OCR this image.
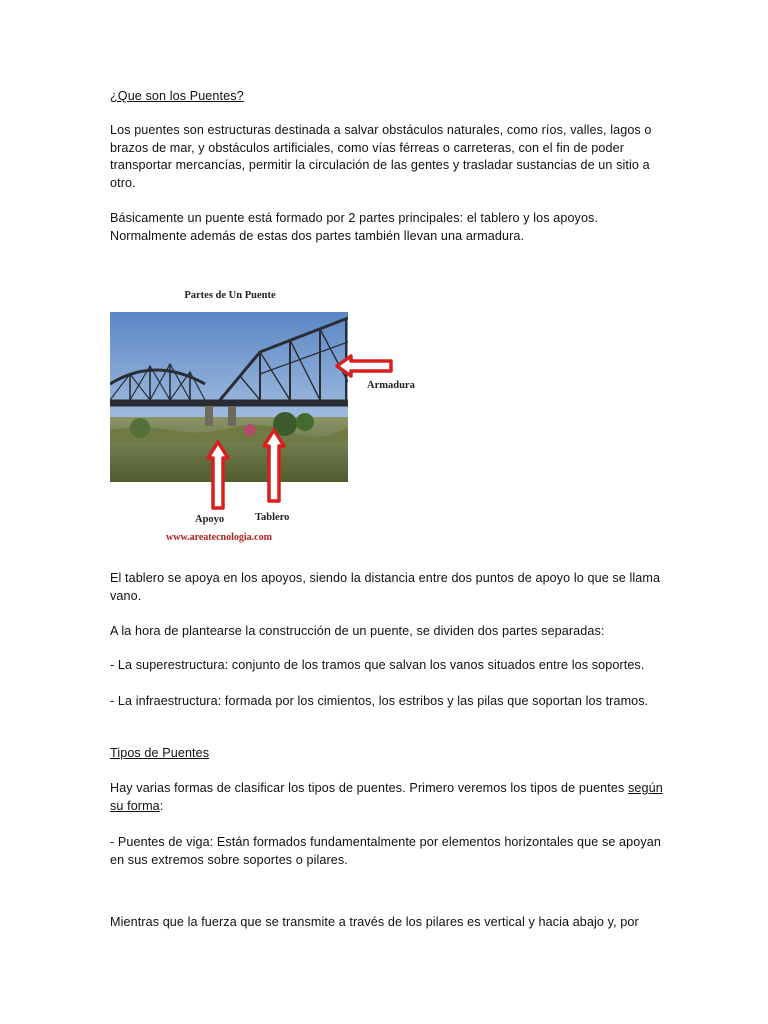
¿Que son los Puentes?
Los puentes son estructuras destinada a salvar obstáculos naturales, como ríos, valles, lagos o brazos de mar, y obstáculos artificiales, como vías férreas o carreteras, con el fin de poder transportar mercancías, permitir la circulación de las gentes y trasladar sustancias de un sitio a otro.
Básicamente un puente está formado por 2 partes principales: el tablero y los apoyos. Normalmente además de estas dos partes también llevan una armadura.
Partes de Un Puente
Armadura
Apoyo	Tablero
www.areatecnologia.com
El tablero se apoya en los apoyos, siendo la distancia entre dos puntos de apoyo lo que se llama vano.
A la hora de plantearse la construcción de un puente, se dividen dos partes separadas:
- La superestructura: conjunto de los tramos que salvan los vanos situados entre los soportes.
- La infraestructura: formada por los cimientos, los estribos y las pilas que soportan los tramos.
Tipos de Puentes
Hay varias formas de clasificar los tipos de puentes. Primero veremos los tipos de puentes según su forma:
- Puentes de viga: Están formados fundamentalmente por elementos horizontales que se apoyan en sus extremos sobre soportes o pilares.
Mientras que la fuerza que se transmite a través de los pilares es vertical y hacia abajo y, por
